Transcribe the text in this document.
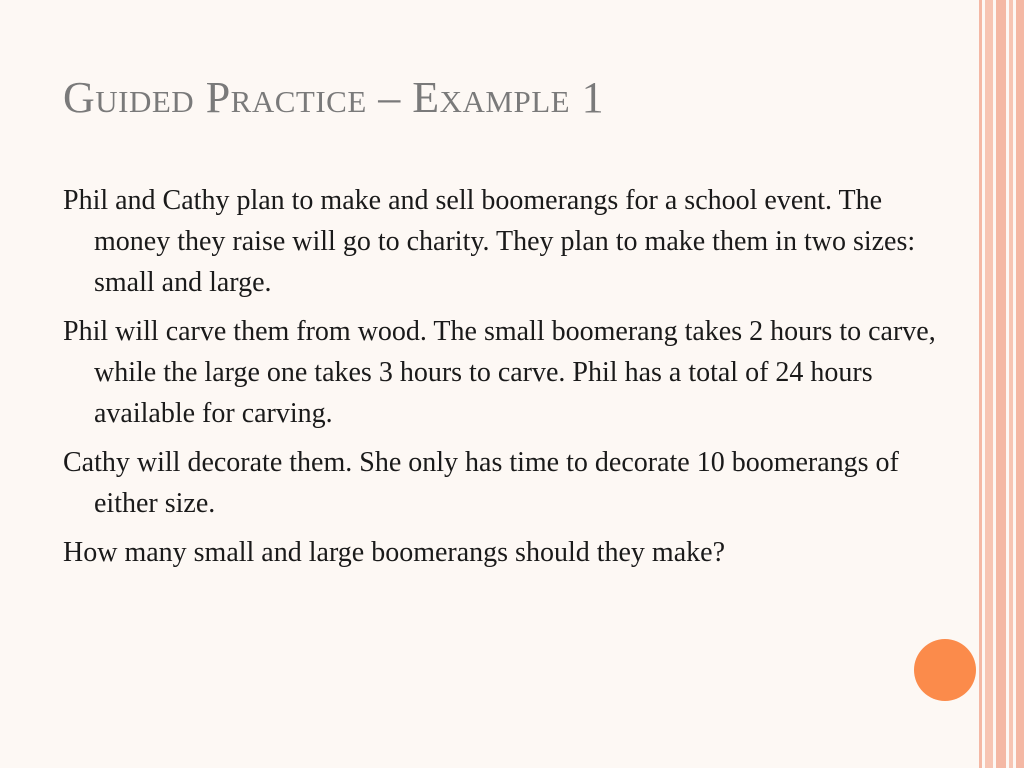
Guided Practice – Example 1

Phil and Cathy plan to make and sell boomerangs for a school event. The money they raise will go to charity. They plan to make them in two sizes: small and large.

Phil will carve them from wood. The small boomerang takes 2 hours to carve, while the large one takes 3 hours to carve. Phil has a total of 24 hours available for carving.

Cathy will decorate them. She only has time to decorate 10 boomerangs of either size.

How many small and large boomerangs should they make?
